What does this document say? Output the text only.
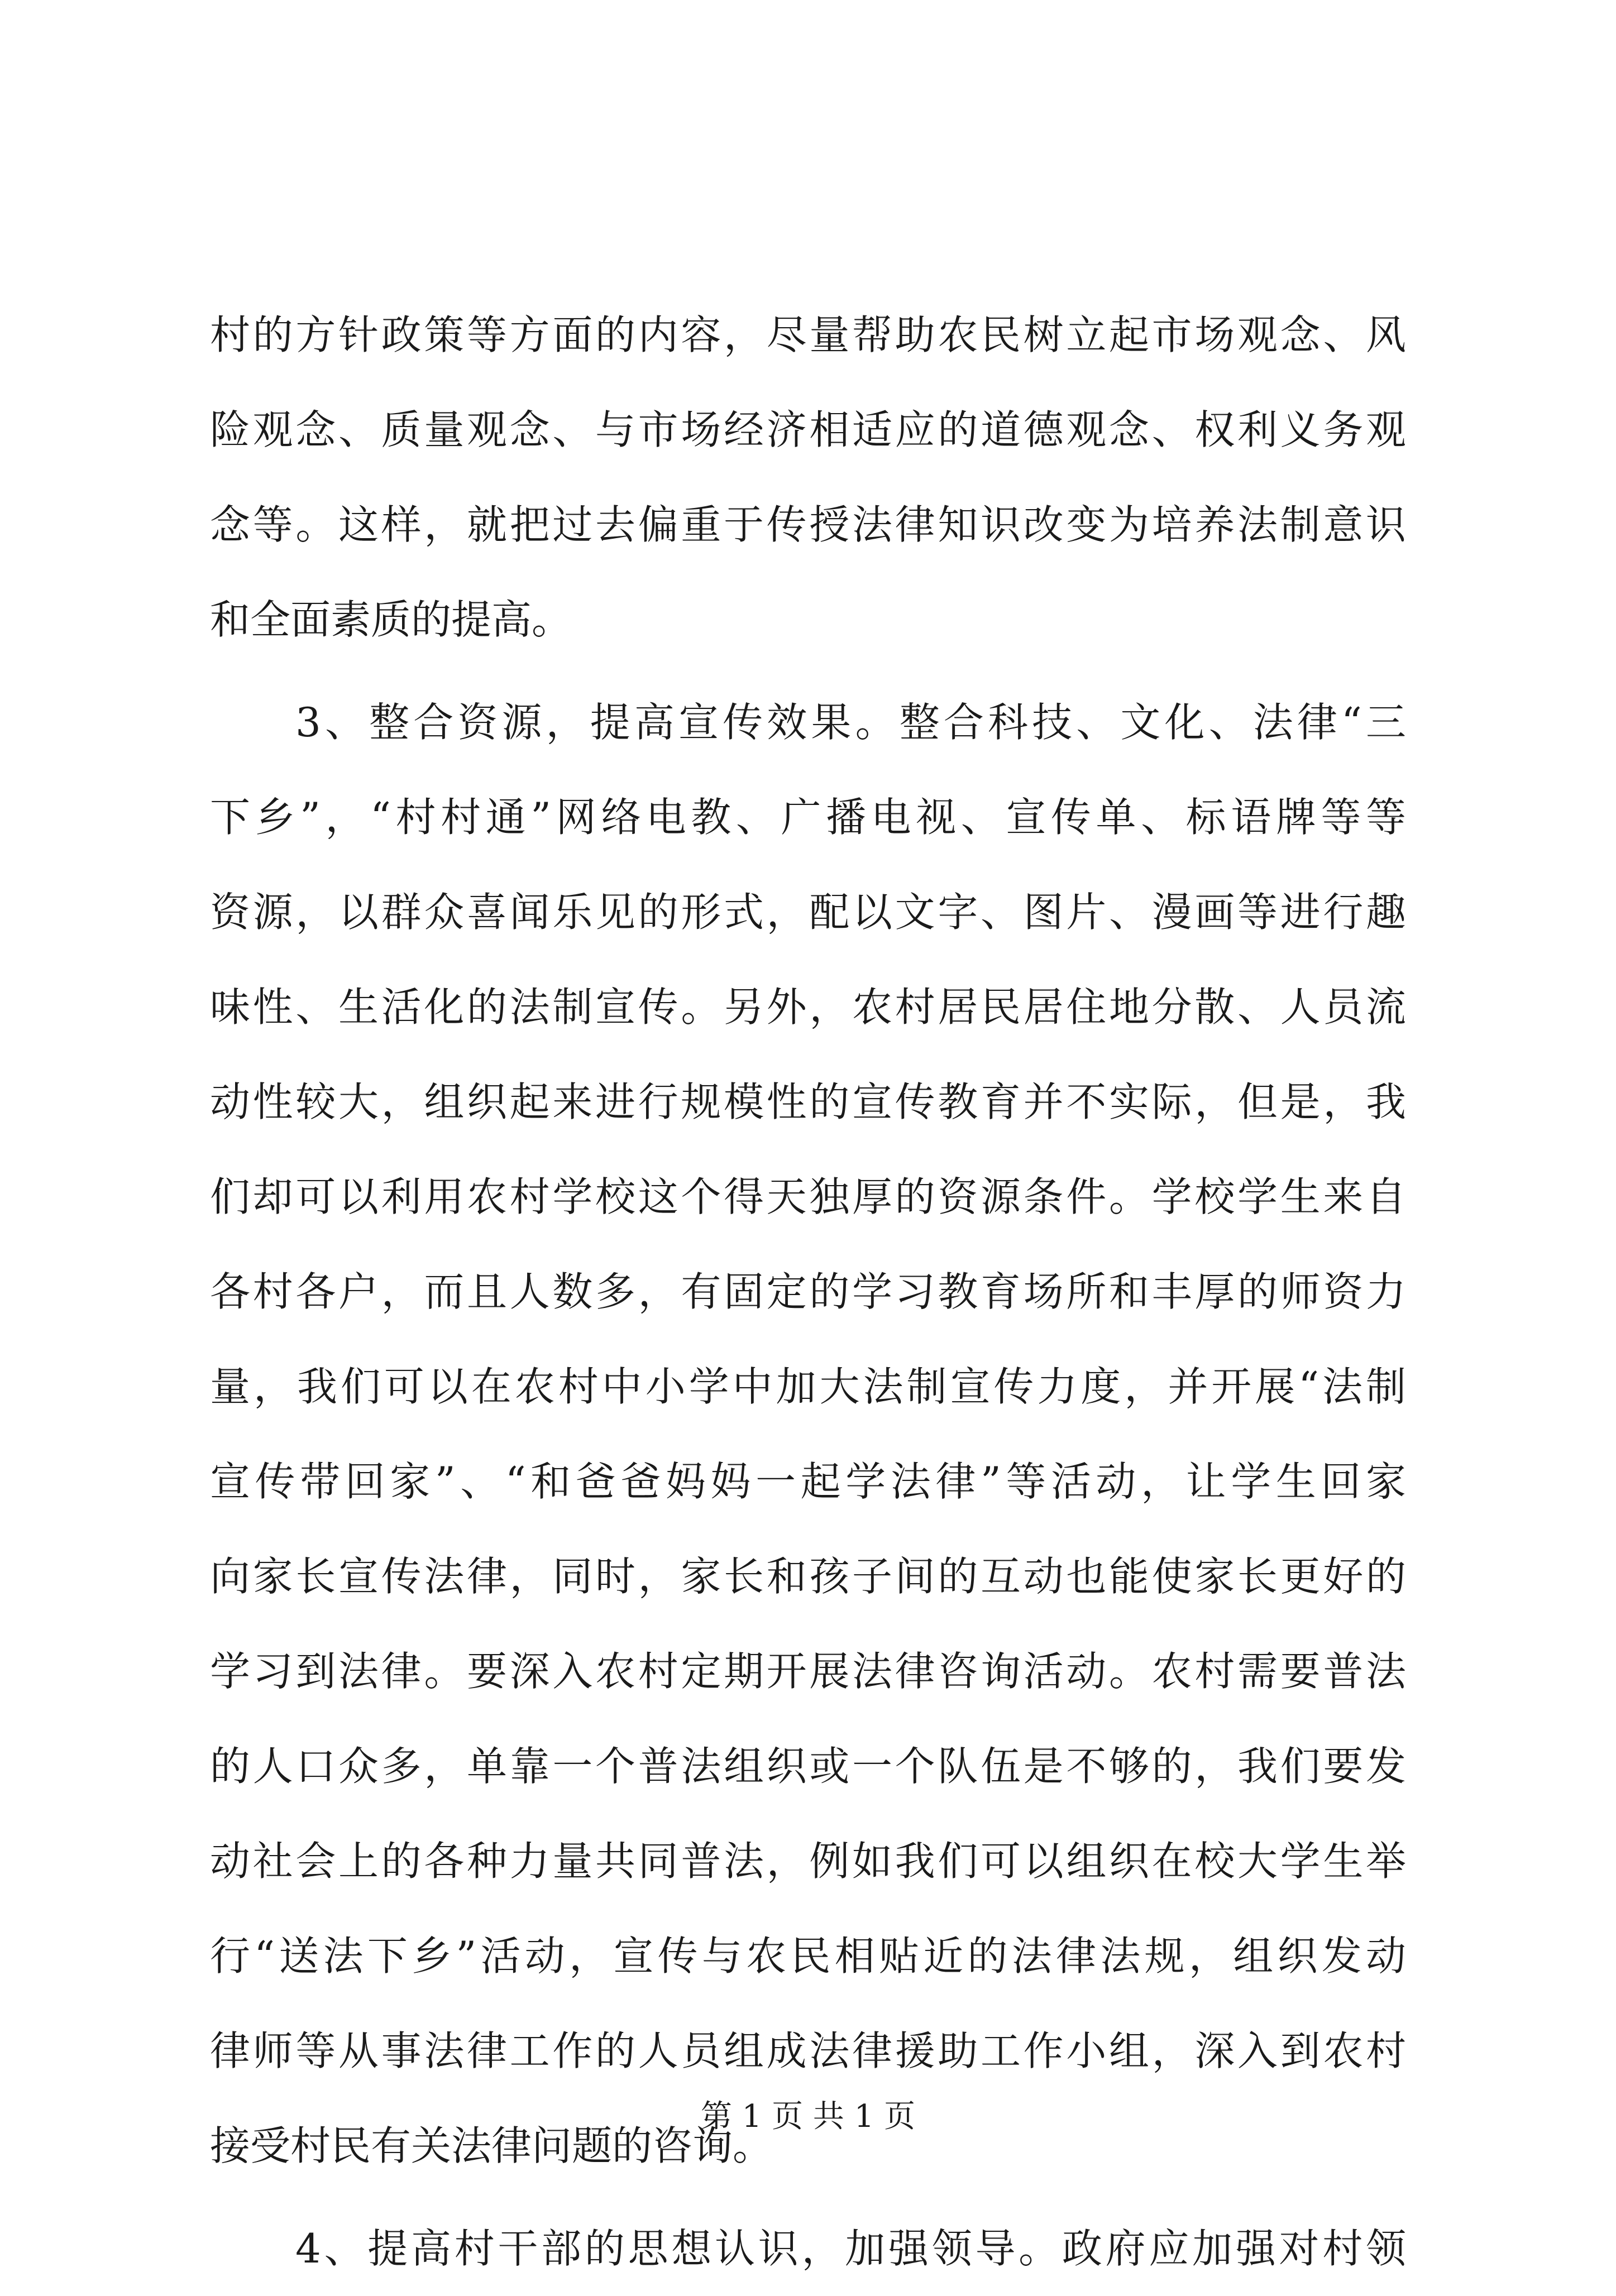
村的方针政策等方面的内容，尽量帮助农民树立起市场观念、风
险观念、质量观念、与市场经济相适应的道德观念、权利义务观
念等。这样，就把过去偏重于传授法律知识改变为培养法制意识
和全面素质的提高。
3、整合资源，提高宣传效果。整合科技、文化、法律“三
下乡”，“村村通”网络电教、广播电视、宣传单、标语牌等等
资源，以群众喜闻乐见的形式，配以文字、图片、漫画等进行趣
味性、生活化的法制宣传。另外，农村居民居住地分散、人员流
动性较大，组织起来进行规模性的宣传教育并不实际，但是，我
们却可以利用农村学校这个得天独厚的资源条件。学校学生来自
各村各户，而且人数多，有固定的学习教育场所和丰厚的师资力
量，我们可以在农村中小学中加大法制宣传力度，并开展“法制
宣传带回家”、“和爸爸妈妈一起学法律”等活动，让学生回家
向家长宣传法律，同时，家长和孩子间的互动也能使家长更好的
学习到法律。要深入农村定期开展法律咨询活动。农村需要普法
的人口众多，单靠一个普法组织或一个队伍是不够的，我们要发
动社会上的各种力量共同普法，例如我们可以组织在校大学生举
行“送法下乡”活动，宣传与农民相贴近的法律法规，组织发动
律师等从事法律工作的人员组成法律援助工作小组，深入到农村
接受村民有关法律问题的咨询。
4、提高村干部的思想认识，加强领导。政府应加强对村领
第 1 页 共 1 页
